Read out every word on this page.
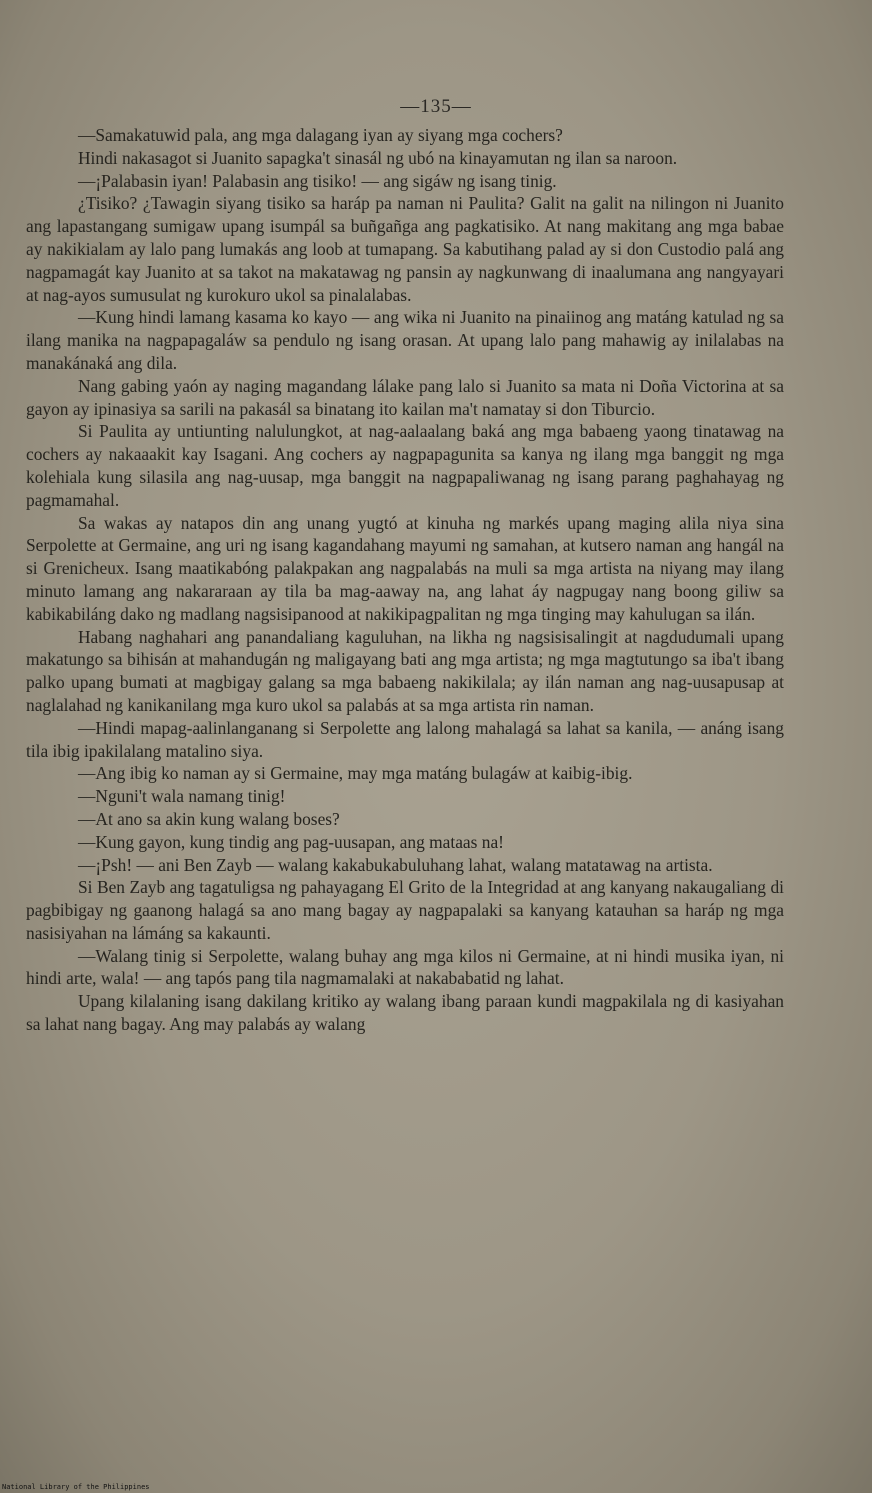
—135—

—Samakatuwid pala, ang mga dalagang iyan ay siyang mga cochers?

Hindi nakasagot si Juanito sapagka't sinasál ng ubó na kinayamutan ng ilan sa naroon.

—¡Palabasin iyan! Palabasin ang tisiko! — ang sigáw ng isang tinig.

¿Tisiko? ¿Tawagin siyang tisiko sa haráp pa naman ni Paulita? Galit na galit na nilingon ni Juanito ang lapastangang sumigaw upang isumpál sa buñgañga ang pagkatisiko. At nang makitang ang mga babae ay nakikialam ay lalo pang lumakás ang loob at tumapang. Sa kabutihang palad ay si don Custodio palá ang nagpamagát kay Juanito at sa takot na makatawag ng pansin ay nagkunwang di inaalumana ang nangyayari at nag-ayos sumusulat ng kurokuro ukol sa pinalalabas.

—Kung hindi lamang kasama ko kayo — ang wika ni Juanito na pinaiinog ang matáng katulad ng sa ilang manika na nagpapagaláw sa pendulo ng isang orasan. At upang lalo pang mahawig ay inilalabas na manakánaká ang dila.

Nang gabing yaón ay naging magandang lálake pang lalo si Juanito sa mata ni Doña Victorina at sa gayon ay ipinasiya sa sarili na pakasál sa binatang ito kailan ma't namatay si don Tiburcio.

Si Paulita ay untiunting nalulungkot, at nag-aalaalang baká ang mga babaeng yaong tinatawag na cochers ay nakaaakit kay Isagani. Ang cochers ay nagpapagunita sa kanya ng ilang mga banggit ng mga kolehiala kung silasila ang nag-uusap, mga banggit na nagpapaliwanag ng isang parang paghahayag ng pagmamahal.

Sa wakas ay natapos din ang unang yugtó at kinuha ng markés upang maging alila niya sina Serpolette at Germaine, ang uri ng isang kagandahang mayumi ng samahan, at kutsero naman ang hangál na si Grenicheux. Isang maatikabóng palakpakan ang nagpalabás na muli sa mga artista na niyang may ilang minuto lamang ang nakararaan ay tila ba mag-aaway na, ang lahat áy nagpugay nang boong giliw sa kabikabiláng dako ng madlang nagsisipanood at nakikipagpalitan ng mga tinging may kahulugan sa ilán.

Habang naghahari ang panandaliang kaguluhan, na likha ng nagsisisalingit at nagdudumali upang makatungo sa bihisán at mahandugán ng maligayang bati ang mga artista; ng mga magtutungo sa iba't ibang palko upang bumati at magbigay galang sa mga babaeng nakikilala; ay ilán naman ang nag-uusapusap at naglalahad ng kanikanilang mga kuro ukol sa palabás at sa mga artista rin naman.

—Hindi mapag-aalinlanganang si Serpolette ang lalong mahalagá sa lahat sa kanila, — anáng isang tila ibig ipakilalang matalino siya.

—Ang ibig ko naman ay si Germaine, may mga matáng bulagáw at kaibig-ibig.

—Nguni't wala namang tinig!

—At ano sa akin kung walang boses?

—Kung gayon, kung tindig ang pag-uusapan, ang mataas na!

—¡Psh! — ani Ben Zayb — walang kakabukabuluhang lahat, walang matatawag na artista.

Si Ben Zayb ang tagatuligsa ng pahayagang El Grito de la Integridad at ang kanyang nakaugaliang di pagbibigay ng gaanong halagá sa ano mang bagay ay nagpapalaki sa kanyang katauhan sa haráp ng mga nasisiyahan na lámáng sa kakaunti.

—Walang tinig si Serpolette, walang buhay ang mga kilos ni Germaine, at ni hindi musika iyan, ni hindi arte, wala! — ang tapós pang tila nagmamalaki at nakababatid ng lahat.

Upang kilalaning isang dakilang kritiko ay walang ibang paraan kundi magpakilala ng di kasiyahan sa lahat nang bagay. Ang may palabás ay walang

National Library of the Philippines
